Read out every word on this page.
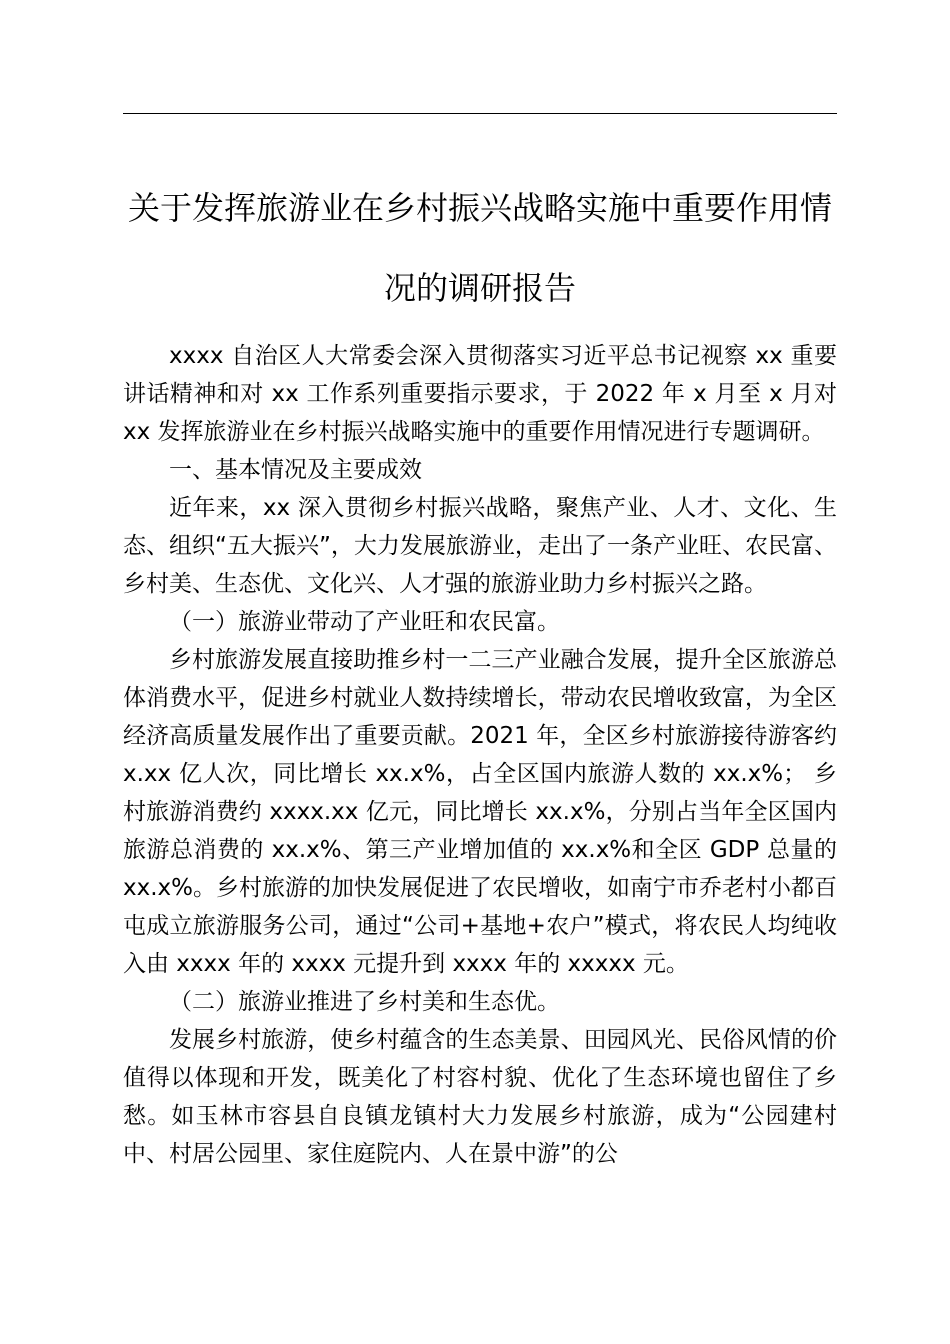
关于发挥旅游业在乡村振兴战略实施中重要作用情况的调研报告

xxxx 自治区人大常委会深入贯彻落实习近平总书记视察 xx 重要讲话精神和对 xx 工作系列重要指示要求，于 2022 年 x 月至 x 月对 xx 发挥旅游业在乡村振兴战略实施中的重要作用情况进行专题调研。

一、基本情况及主要成效

近年来，xx 深入贯彻乡村振兴战略，聚焦产业、人才、文化、生态、组织“五大振兴”，大力发展旅游业，走出了一条产业旺、农民富、乡村美、生态优、文化兴、人才强的旅游业助力乡村振兴之路。

（一）旅游业带动了产业旺和农民富。

乡村旅游发展直接助推乡村一二三产业融合发展，提升全区旅游总体消费水平，促进乡村就业人数持续增长，带动农民增收致富，为全区经济高质量发展作出了重要贡献。2021 年，全区乡村旅游接待游客约 x.xx 亿人次，同比增长 xx.x%，占全区国内旅游人数的 xx.x%； 乡村旅游消费约 xxxx.xx 亿元，同比增长 xx.x%，分别占当年全区国内旅游总消费的 xx.x%、第三产业增加值的 xx.x%和全区 GDP 总量的 xx.x%。乡村旅游的加快发展促进了农民增收，如南宁市乔老村小都百屯成立旅游服务公司，通过“公司+基地+农户”模式，将农民人均纯收入由 xxxx 年的 xxxx 元提升到 xxxx 年的 xxxxx 元。

（二）旅游业推进了乡村美和生态优。

发展乡村旅游，使乡村蕴含的生态美景、田园风光、民俗风情的价值得以体现和开发，既美化了村容村貌、优化了生态环境也留住了乡愁。如玉林市容县自良镇龙镇村大力发展乡村旅游，成为“公园建村中、村居公园里、家住庭院内、人在景中游”的公
